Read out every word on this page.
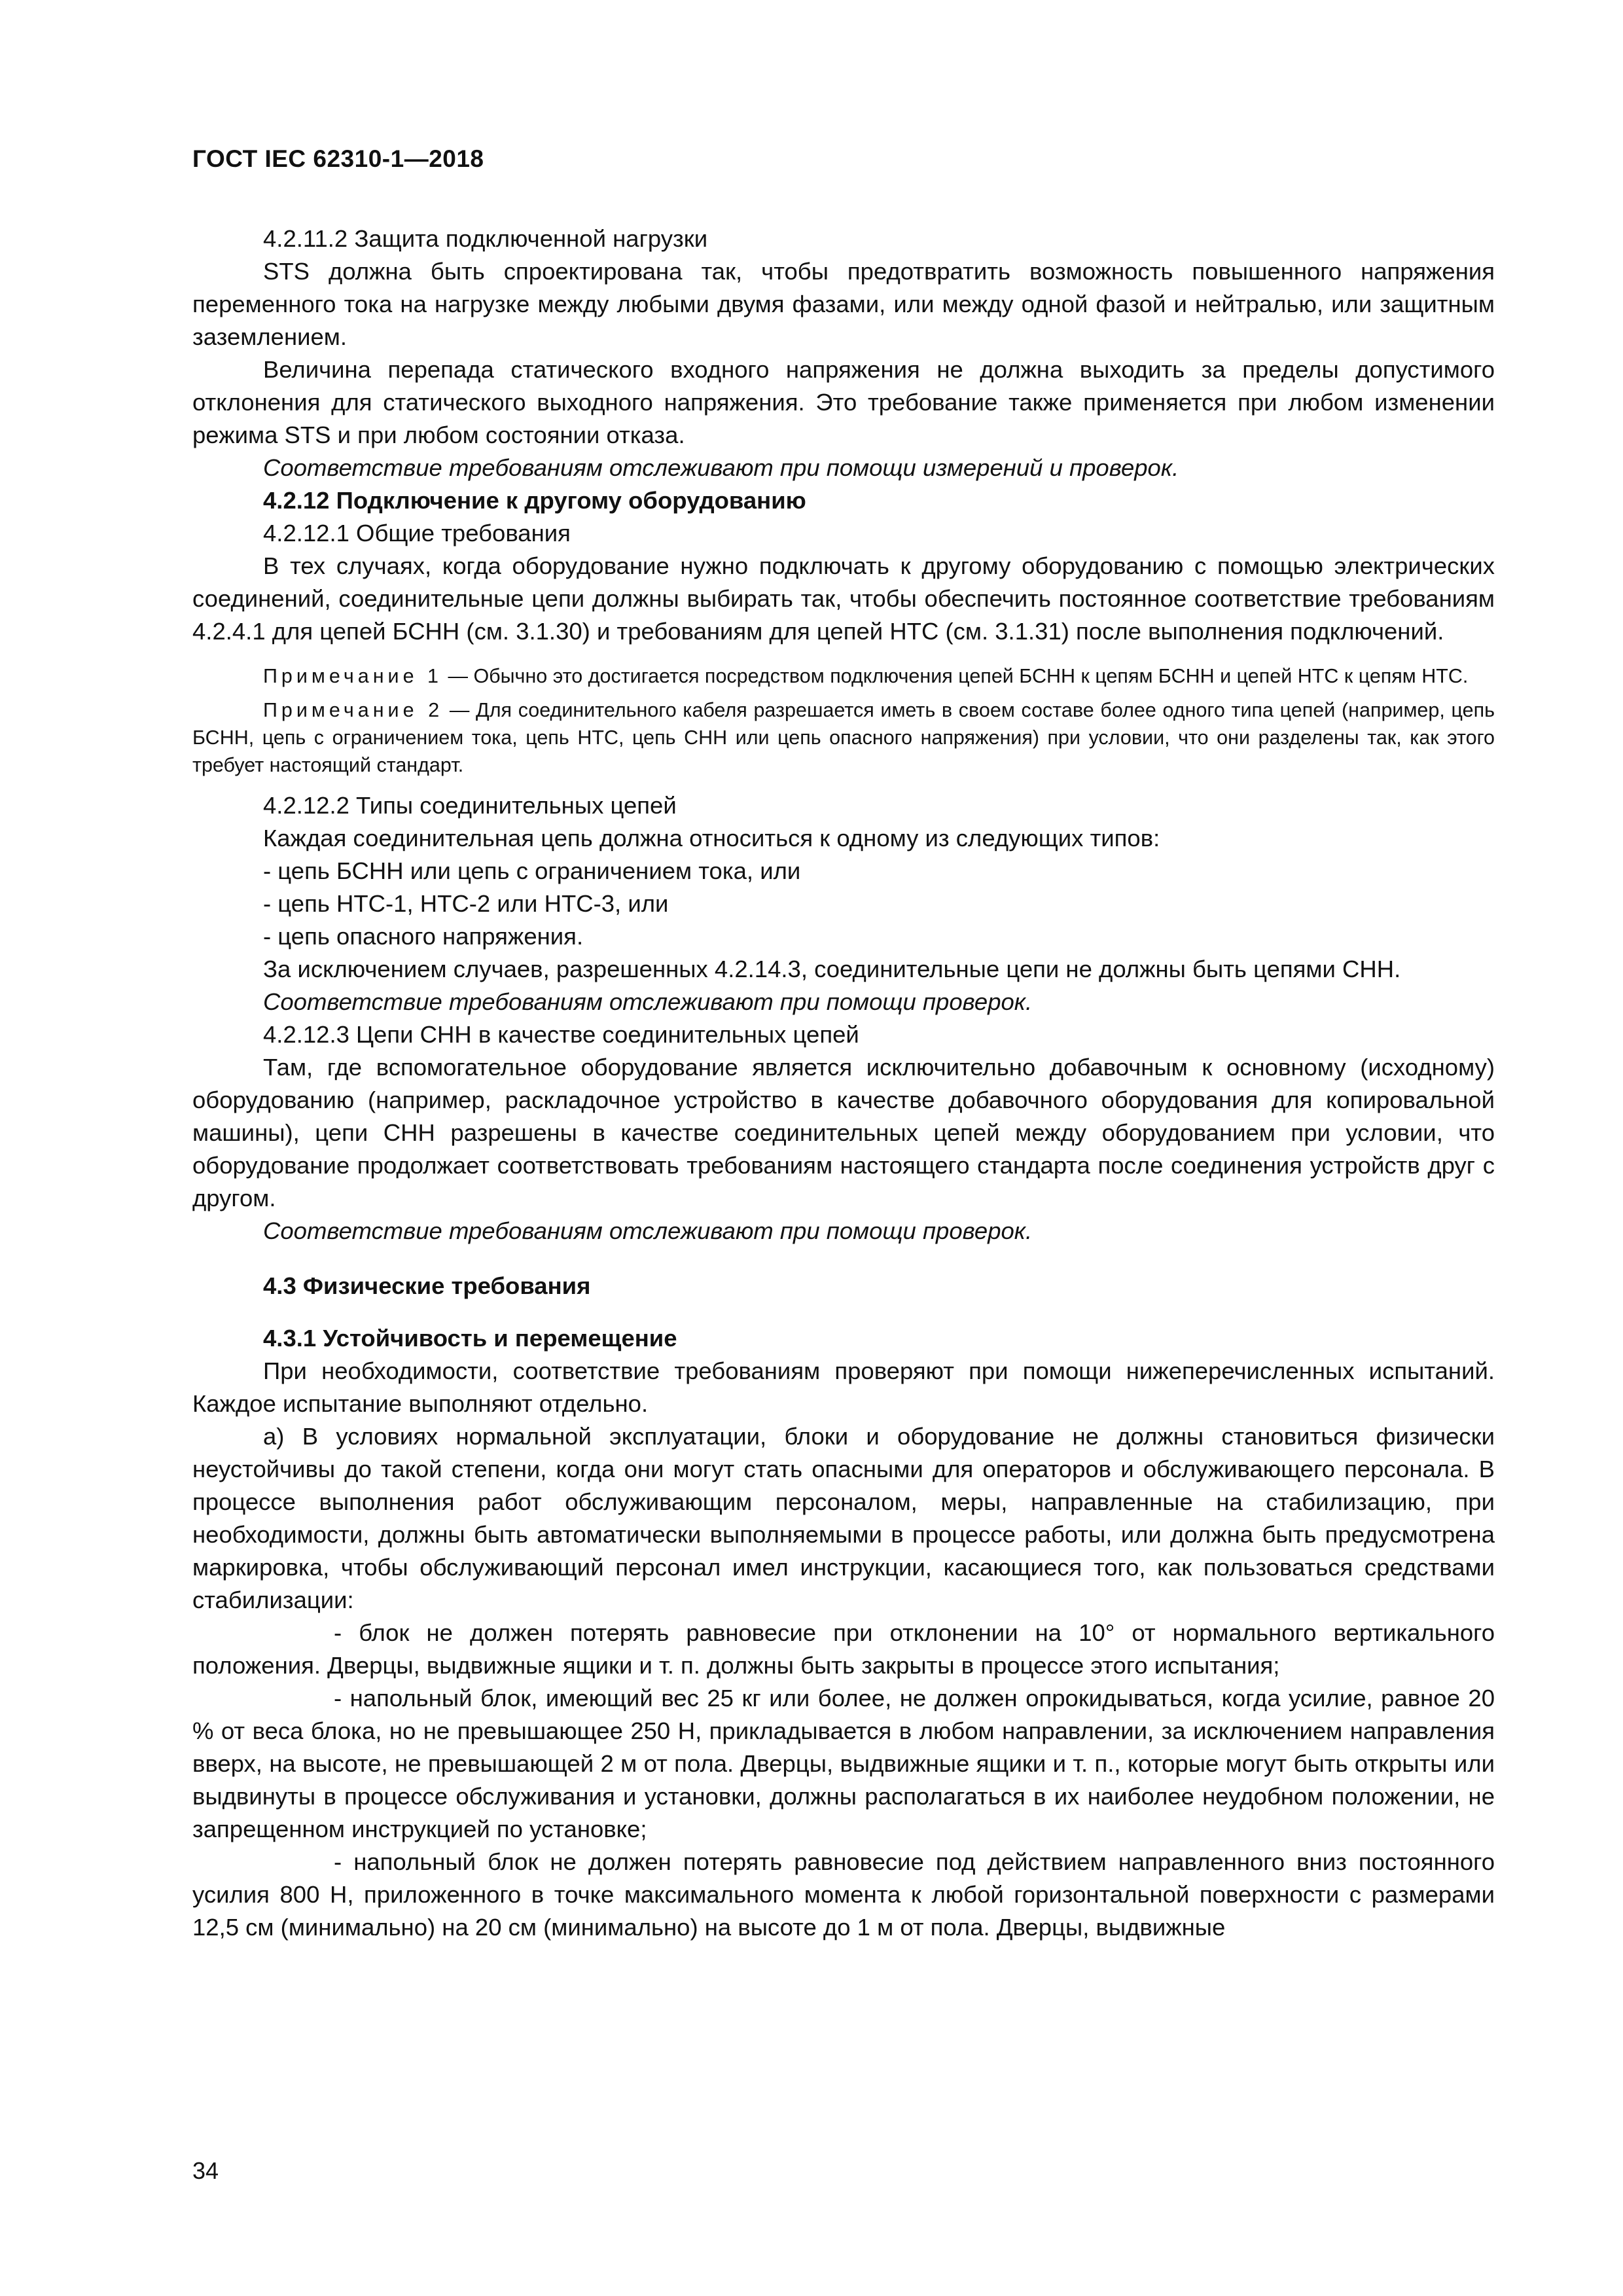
ГОСТ IEC 62310-1—2018

4.2.11.2 Защита подключенной нагрузки

STS должна быть спроектирована так, чтобы предотвратить возможность повышенного напряжения переменного тока на нагрузке между любыми двумя фазами, или между одной фазой и нейтралью, или защитным заземлением.

Величина перепада статического входного напряжения не должна выходить за пределы допустимого отклонения для статического выходного напряжения. Это требование также применяется при любом изменении режима STS и при любом состоянии отказа.

Соответствие требованиям отслеживают при помощи измерений и проверок.

4.2.12 Подключение к другому оборудованию

4.2.12.1 Общие требования

В тех случаях, когда оборудование нужно подключать к другому оборудованию с помощью электрических соединений, соединительные цепи должны выбирать так, чтобы обеспечить постоянное соответствие требованиям 4.2.4.1 для цепей БСНН (см. 3.1.30) и требованиям для цепей НТС (см. 3.1.31) после выполнения подключений.

Примечание 1 — Обычно это достигается посредством подключения цепей БСНН к цепям БСНН и цепей НТС к цепям НТС.

Примечание 2 — Для соединительного кабеля разрешается иметь в своем составе более одного типа цепей (например, цепь БСНН, цепь с ограничением тока, цепь НТС, цепь СНН или цепь опасного напряжения) при условии, что они разделены так, как этого требует настоящий стандарт.

4.2.12.2 Типы соединительных цепей

Каждая соединительная цепь должна относиться к одному из следующих типов:

- цепь БСНН или цепь с ограничением тока, или

- цепь НТС-1, НТС-2 или НТС-3, или

- цепь опасного напряжения.

За исключением случаев, разрешенных 4.2.14.3, соединительные цепи не должны быть цепями СНН.

Соответствие требованиям отслеживают при помощи проверок.

4.2.12.3 Цепи СНН в качестве соединительных цепей

Там, где вспомогательное оборудование является исключительно добавочным к основному (исходному) оборудованию (например, раскладочное устройство в качестве добавочного оборудования для копировальной машины), цепи СНН разрешены в качестве соединительных цепей между оборудованием при условии, что оборудование продолжает соответствовать требованиям настоящего стандарта после соединения устройств друг с другом.

Соответствие требованиям отслеживают при помощи проверок.

4.3 Физические требования

4.3.1 Устойчивость и перемещение

При необходимости, соответствие требованиям проверяют при помощи нижеперечисленных испытаний. Каждое испытание выполняют отдельно.

а) В условиях нормальной эксплуатации, блоки и оборудование не должны становиться физически неустойчивы до такой степени, когда они могут стать опасными для операторов и обслуживающего персонала. В процессе выполнения работ обслуживающим персоналом, меры, направленные на стабилизацию, при необходимости, должны быть автоматически выполняемыми в процессе работы, или должна быть предусмотрена маркировка, чтобы обслуживающий персонал имел инструкции, касающиеся того, как пользоваться средствами стабилизации:

- блок не должен потерять равновесие при отклонении на 10° от нормального вертикального положения. Дверцы, выдвижные ящики и т. п. должны быть закрыты в процессе этого испытания;

- напольный блок, имеющий вес 25 кг или более, не должен опрокидываться, когда усилие, равное 20 % от веса блока, но не превышающее 250 Н, прикладывается в любом направлении, за исключением направления вверх, на высоте, не превышающей 2 м от пола. Дверцы, выдвижные ящики и т. п., которые могут быть открыты или выдвинуты в процессе обслуживания и установки, должны располагаться в их наиболее неудобном положении, не запрещенном инструкцией по установке;

- напольный блок не должен потерять равновесие под действием направленного вниз постоянного усилия 800 Н, приложенного в точке максимального момента к любой горизонтальной поверхности с размерами 12,5 см (минимально) на 20 см (минимально) на высоте до 1 м от пола. Дверцы, выдвижные

34
